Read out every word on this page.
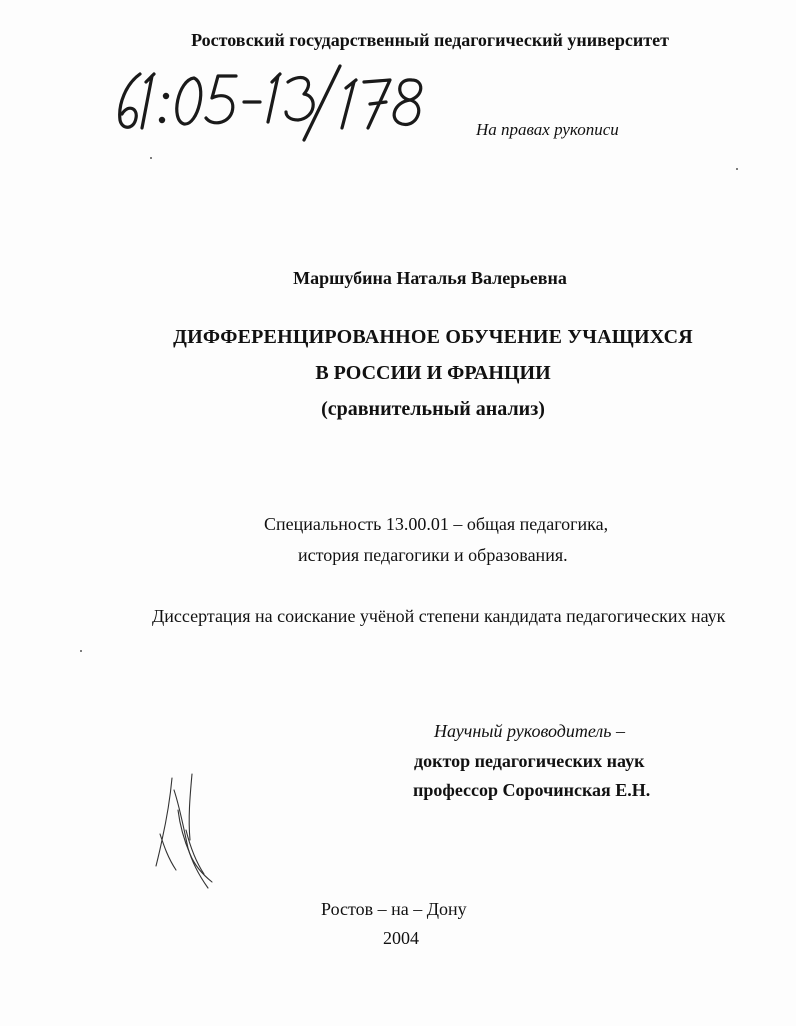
Ростовский государственный педагогический университет
На правах рукописи
Маршубина Наталья Валерьевна
ДИФФЕРЕНЦИРОВАННОЕ ОБУЧЕНИЕ УЧАЩИХСЯ
В РОССИИ И ФРАНЦИИ
(сравнительный анализ)
Специальность 13.00.01 – общая педагогика,
история педагогики и образования.
Диссертация на соискание учёной степени кандидата педагогических наук
Научный руководитель –
доктор педагогических наук
профессор Сорочинская Е.Н.
Ростов – на – Дону
2004
